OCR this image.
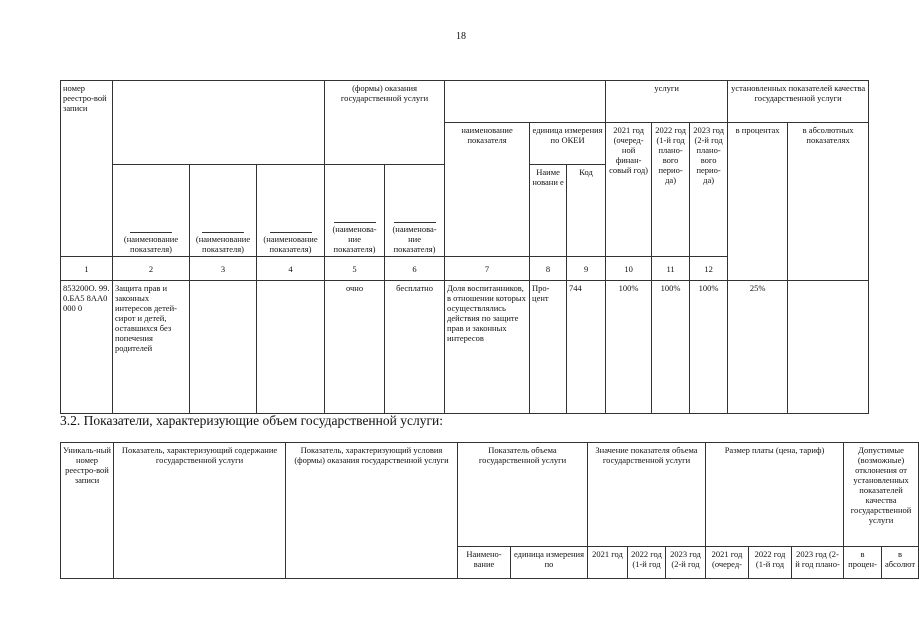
18
номер реестро-вой записи				(формы) оказания государственной услуги					услуги			установленных показателей качества государственной услуги		
						наименование показателя	единица измерения по ОКЕИ		2021 год (очеред-ной финан-совый год)	2022 год (1-й год плано-вого перио-да)	2023 год (2-й год плано-вого перио-да)	в процентах	в абсолютных показателях	

(наименование показателя)	(наименование показателя)	(наименование показателя)	(наименова-ние показателя)	(наименова-ние показателя)		Наиме новани е	Код						
1	2	3	4	5	6	7	8	9	10	11	12		
853200О. 99.0.БА5 8АА0000 0	Защита прав и законных интересов детей-сирот и детей, оставшихся без попечения родителей			очно	бесплатно	Доля воспитанников, в отношении которых осуществлялись действия по защите прав и законных интересов	Про-цент	744	100%	100%	100%	25%		
3.2. Показатели, характеризующие объем государственной услуги:
Уникаль-ный номер реестро-вой записи	Показатель, характеризующий содержание государственной услуги	Показатель, характеризующий условия (формы) оказания государственной услуги	Показатель объема государственной услуги		Значение показателя объема государственной услуги			Размер платы (цена, тариф)			Допустимые (возможные) отклонения от установленных показателей качества государственной услуги	
			Наимено-вание	единица измерения по	2021 год	2022 год (1-й год	2023 год (2-й год	2021 год (очеред-	2022 год (1-й год	2023 год (2-й год плано-	в процен-	в абсолют
